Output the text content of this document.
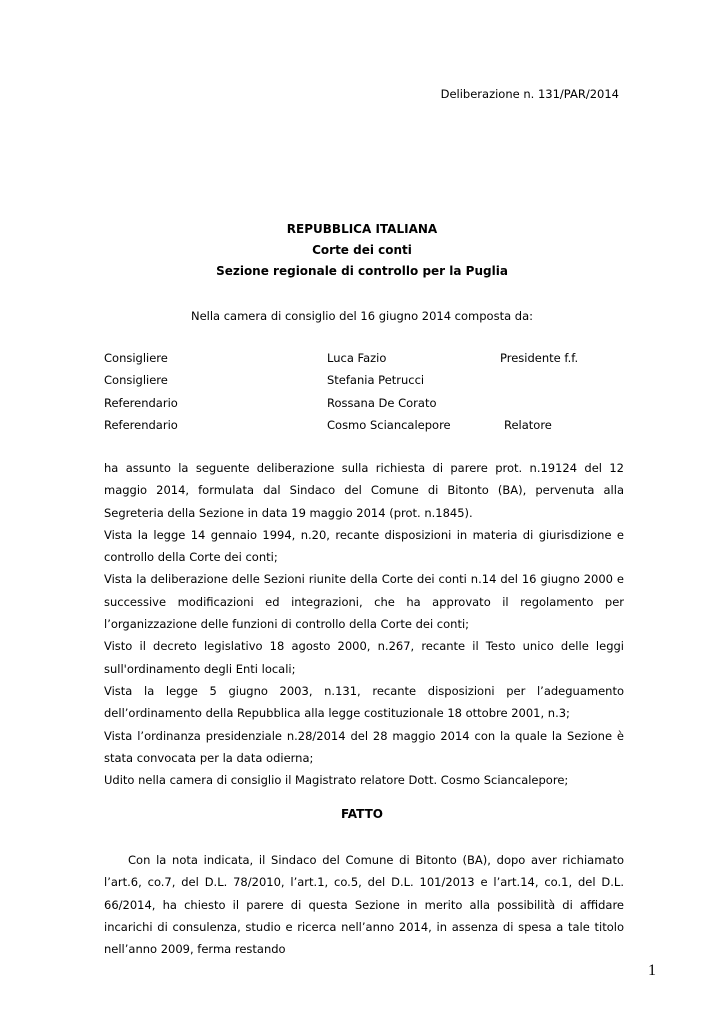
Deliberazione n. 131/PAR/2014
REPUBBLICA ITALIANA
Corte dei conti
Sezione regionale di controllo per la Puglia
Nella camera di consiglio del 16 giugno 2014 composta da:
Consigliere	Luca Fazio	Presidente f.f.
Consigliere	Stefania Petrucci
Referendario	Rossana De Corato
Referendario	Cosmo Sciancalepore	Relatore

ha assunto la seguente deliberazione sulla richiesta di parere prot. n.19124 del 12 maggio 2014, formulata dal Sindaco del Comune di Bitonto (BA), pervenuta alla Segreteria della Sezione in data 19 maggio 2014 (prot. n.1845).

Vista la legge 14 gennaio 1994, n.20, recante disposizioni in materia di giurisdizione e controllo della Corte dei conti;

Vista la deliberazione delle Sezioni riunite della Corte dei conti n.14 del 16 giugno 2000 e successive modificazioni ed integrazioni, che ha approvato il regolamento per l’organizzazione delle funzioni di controllo della Corte dei conti;

Visto il decreto legislativo 18 agosto 2000, n.267, recante il Testo unico delle leggi sull'ordinamento degli Enti locali;

Vista la legge 5 giugno 2003, n.131, recante disposizioni per l’adeguamento dell’ordinamento della Repubblica alla legge costituzionale 18 ottobre 2001, n.3;

Vista l’ordinanza presidenziale n.28/2014 del 28 maggio 2014 con la quale la Sezione è stata convocata per la data odierna;

Udito nella camera di consiglio il Magistrato relatore Dott. Cosmo Sciancalepore;

FATTO
Con la nota indicata, il Sindaco del Comune di Bitonto (BA), dopo aver richiamato l’art.6, co.7, del D.L. 78/2010, l’art.1, co.5, del D.L. 101/2013 e l’art.14, co.1, del D.L. 66/2014, ha chiesto il parere di questa Sezione in merito alla possibilità di affidare incarichi di consulenza, studio e ricerca nell’anno 2014, in assenza di spesa a tale titolo nell’anno 2009, ferma restando
1
